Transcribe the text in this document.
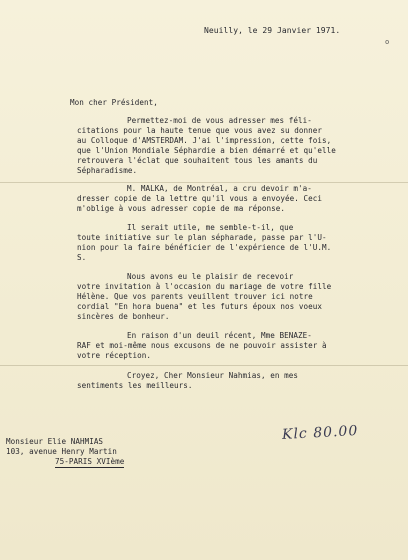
Neuilly, le 29 Janvier 1971.
o
Mon cher Président,
Permettez-moi de vous adresser mes féli-
citations pour la haute tenue que vous avez su donner
au Colloque d'AMSTERDAM. J'ai l'impression, cette fois,
que l'Union Mondiale Séphardie a bien démarré et qu'elle
retrouvera l'éclat que souhaitent tous les amants du
Sépharadisme.
M. MALKA, de Montréal, a cru devoir m'a-
dresser copie de la lettre qu'il vous a envoyée. Ceci
m'oblige à vous adresser copie de ma réponse.
Il serait utile, me semble-t-il, que
toute initiative sur le plan sépharade, passe par l'U-
nion pour la faire bénéficier de l'expérience de l'U.M.
S.
Nous avons eu le plaisir de recevoir
votre invitation à l'occasion du mariage de votre fille
Hélène. Que vos parents veuillent trouver ici notre
cordial "En hora buena" et les futurs époux nos voeux
sincères de bonheur.
En raison d'un deuil récent, Mme BENAZE-
RAF et moi-même nous excusons de ne pouvoir assister à
votre réception.
Croyez, Cher Monsieur Nahmias, en mes
sentiments les meilleurs.
Monsieur Elie NAHMIAS
103, avenue Henry Martin
75-PARIS XVIème
Klc 80.00
